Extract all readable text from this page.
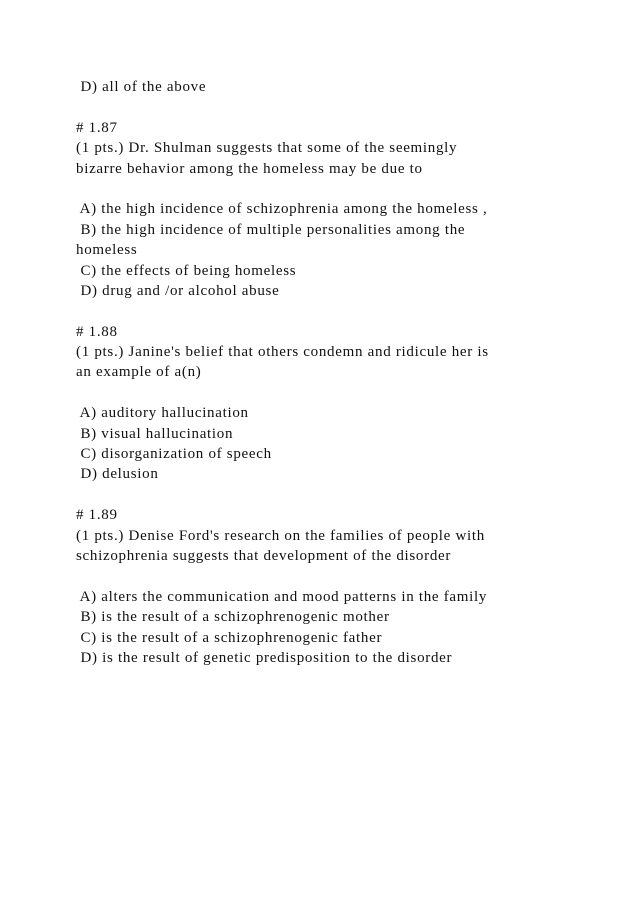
D) all of the above
# 1.87
(1 pts.) Dr. Shulman suggests that some of the seemingly
bizarre behavior among the homeless may be due to
A) the high incidence of schizophrenia among the homeless ,
B) the high incidence of multiple personalities among the
homeless
C) the effects of being homeless
D) drug and /or alcohol abuse
# 1.88
(1 pts.) Janine's belief that others condemn and ridicule her is
an example of a(n)
A) auditory hallucination
B) visual hallucination
C) disorganization of speech
D) delusion
# 1.89
(1 pts.) Denise Ford's research on the families of people with
schizophrenia suggests that development of the disorder
A) alters the communication and mood patterns in the family
B) is the result of a schizophrenogenic mother
C) is the result of a schizophrenogenic father
D) is the result of genetic predisposition to the disorder
